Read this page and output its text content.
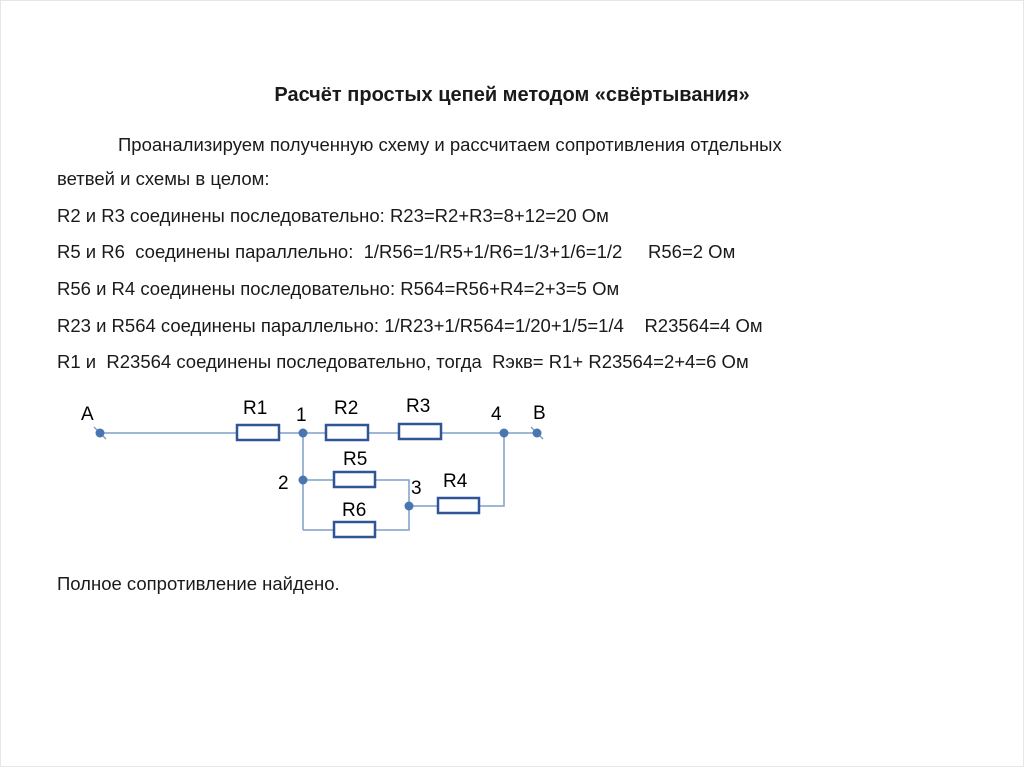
Расчёт простых цепей методом «свёртывания»
Проанализируем полученную схему и рассчитаем сопротивления отдельных
ветвей и схемы в целом:
R2 и R3 соединены последовательно: R23=R2+R3=8+12=20 Ом
R5 и R6  соединены параллельно:  1/R56=1/R5+1/R6=1/3+1/6=1/2     R56=2 Ом
R56 и R4 соединены последовательно: R564=R56+R4=2+3=5 Ом
R23 и R564 соединены параллельно: 1/R23+1/R564=1/20+1/5=1/4    R23564=4 Ом
R1 и  R23564 соединены последовательно, тогда  Rэкв= R1+ R23564=2+4=6 Ом
A	B
1	4
2	3
R1	R2	R3
R5
R4
R6
Полное сопротивление найдено.
